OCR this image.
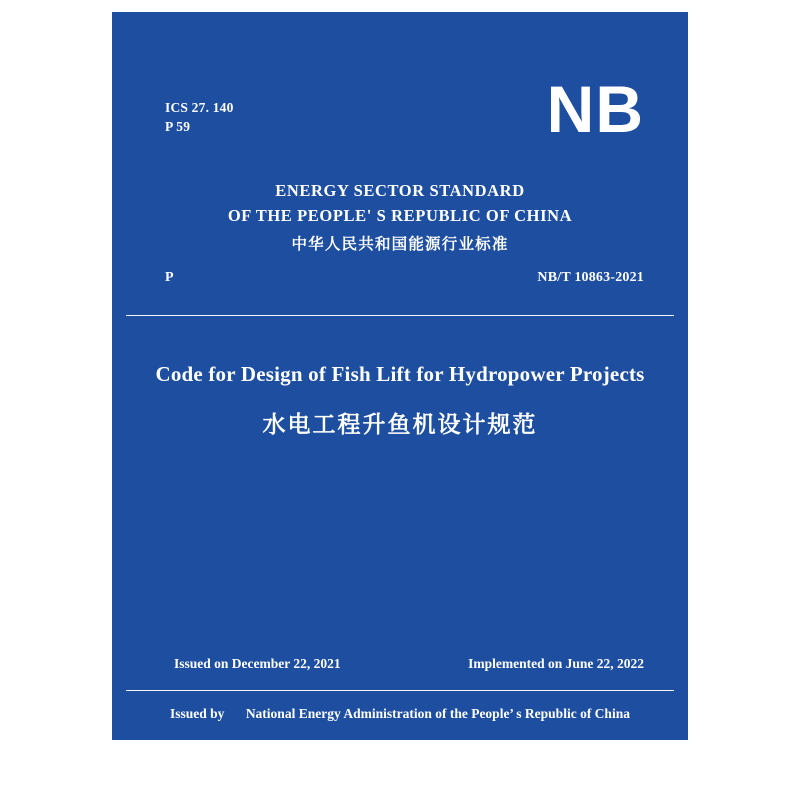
ICS 27. 140
P 59	NB
ENERGY SECTOR STANDARD
OF THE PEOPLE' S REPUBLIC OF CHINA
中华人民共和国能源行业标准
P	NB/T 10863-2021
Code for Design of Fish Lift for Hydropower Projects
水电工程升鱼机设计规范
Issued on December 22, 2021	Implemented on June 22, 2022
Issued by National Energy Administration of the People’ s Republic of China
